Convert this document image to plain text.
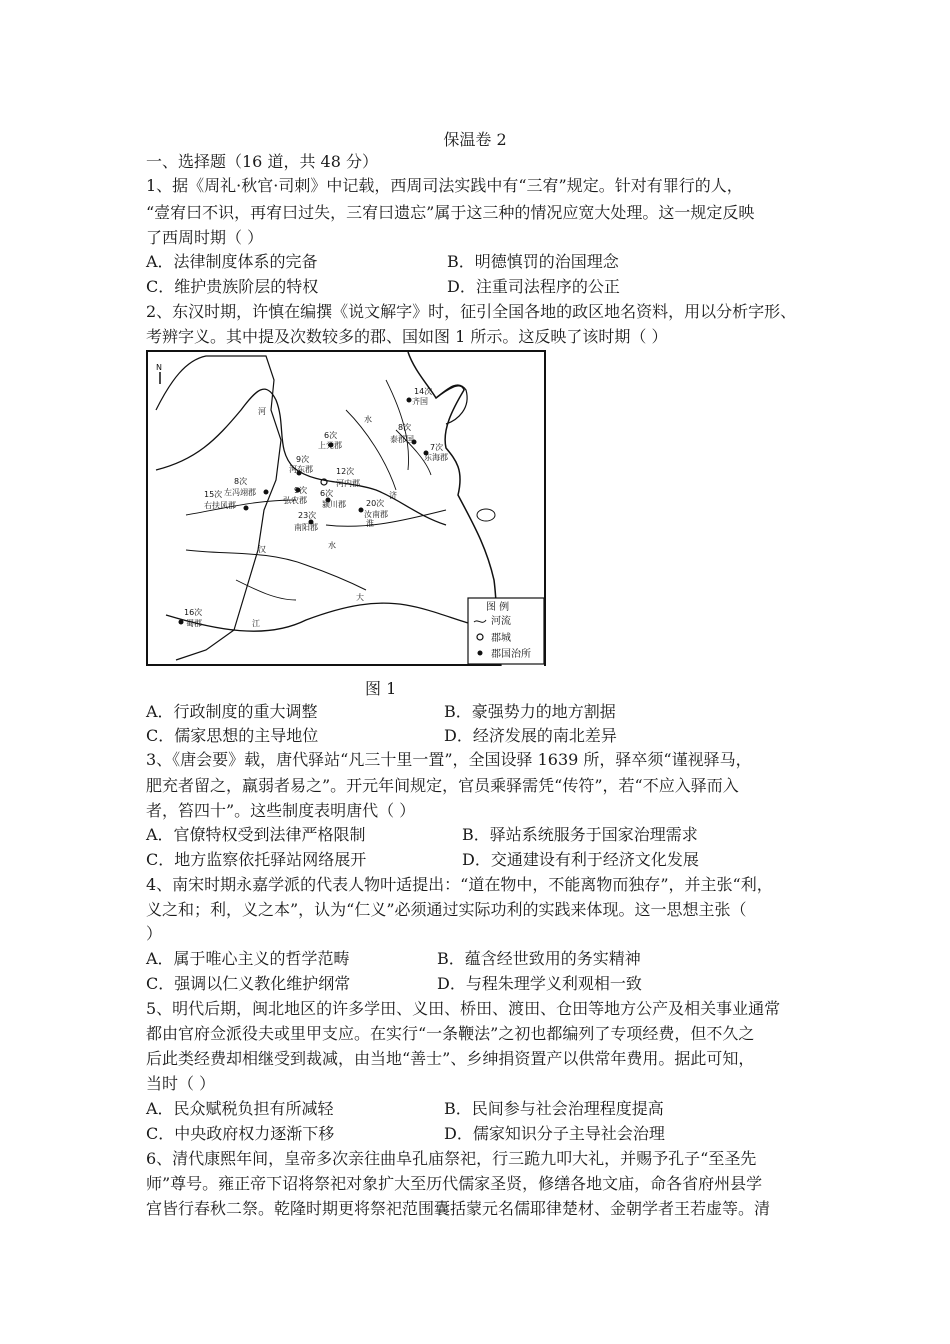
保温卷 2
一、选择题（16 道，共 48 分）
1、据《周礼·秋官·司刺》中记载，西周司法实践中有“三宥”规定。针对有罪行的人，
“壹宥曰不识，再宥曰过失，三宥曰遗忘”属于这三种的情况应宽大处理。这一规定反映
了西周时期（ ）
A．法律制度体系的完备	B．明德慎罚的治国理念
C．维护贵族阶层的特权	D．注重司法程序的公正
2、东汉时期，许慎在编撰《说文解字》时，征引全国各地的政区地名资料，用以分析字形、
考辨字义。其中提及次数较多的郡、国如图 1 所示。这反映了该时期（ ）
N
14次
齐国
6次
上党郡
8次
泰郡国
7次
东海郡
9次
河东郡	12次
河内郡
8次
左冯翊郡
15次
右扶风郡
9次
弘农郡
6次
颍川郡	20次
汝南郡
23次
南阳郡
16次
蜀郡
河
水
济
淮
汉	水
大
江
图 例
河流
郡城
郡国治所
图 1
A．行政制度的重大调整	B．豪强势力的地方割据
C．儒家思想的主导地位	D．经济发展的南北差异
3、《唐会要》载，唐代驿站“凡三十里一置”，全国设驿 1639 所，驿卒须“谨视驿马，
肥充者留之，羸弱者易之”。开元年间规定，官员乘驿需凭“传符”，若“不应入驿而入
者，笞四十”。这些制度表明唐代（ ）
A．官僚特权受到法律严格限制	B．驿站系统服务于国家治理需求
C．地方监察依托驿站网络展开	D．交通建设有利于经济文化发展
4、南宋时期永嘉学派的代表人物叶适提出：“道在物中，不能离物而独存”，并主张“利，
义之和；利，义之本”，认为“仁义”必须通过实际功利的实践来体现。这一思想主张（
）
A．属于唯心主义的哲学范畴	B．蕴含经世致用的务实精神
C．强调以仁义教化维护纲常	D．与程朱理学义利观相一致
5、明代后期，闽北地区的许多学田、义田、桥田、渡田、仓田等地方公产及相关事业通常
都由官府佥派役夫或里甲支应。在实行“一条鞭法”之初也都编列了专项经费，但不久之
后此类经费却相继受到裁减，由当地“善士”、乡绅捐资置产以供常年费用。据此可知，
当时（ ）
A．民众赋税负担有所减轻	B．民间参与社会治理程度提高
C．中央政府权力逐渐下移	D．儒家知识分子主导社会治理
6、清代康熙年间，皇帝多次亲往曲阜孔庙祭祀，行三跪九叩大礼，并赐予孔子“至圣先
师”尊号。雍正帝下诏将祭祀对象扩大至历代儒家圣贤，修缮各地文庙，命各省府州县学
宫皆行春秋二祭。乾隆时期更将祭祀范围囊括蒙元名儒耶律楚材、金朝学者王若虚等。清
